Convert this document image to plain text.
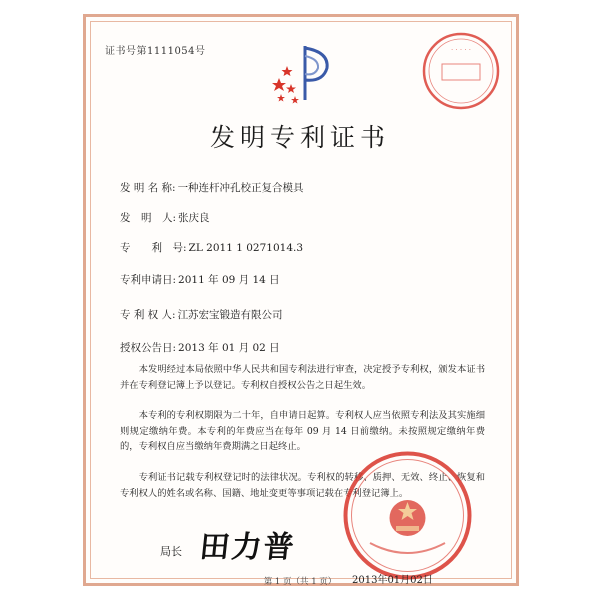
证书号第1111054号	· · · · ·
发明专利证书
发 明 名 称: 一种连杆冲孔校正复合模具
发　明　人: 张庆良
专　　利　号: ZL 2011 1 0271014.3
专利申请日: 2011 年 09 月 14 日
专 利 权 人: 江苏宏宝锻造有限公司
授权公告日: 2013 年 01 月 02 日
本发明经过本局依照中华人民共和国专利法进行审查，决定授予专利权，颁发本证书并在专利登记簿上予以登记。专利权自授权公告之日起生效。
本专利的专利权期限为二十年，自申请日起算。专利权人应当依照专利法及其实施细则规定缴纳年费。本专利的年费应当在每年 09 月 14 日前缴纳。未按照规定缴纳年费的，专利权自应当缴纳年费期满之日起终止。
专利证书记载专利权登记时的法律状况。专利权的转移、质押、无效、终止、恢复和专利权人的姓名或名称、国籍、地址变更等事项记载在专利登记簿上。
局长 田力普
2013年01月02日
第 1 页（共 1 页）
